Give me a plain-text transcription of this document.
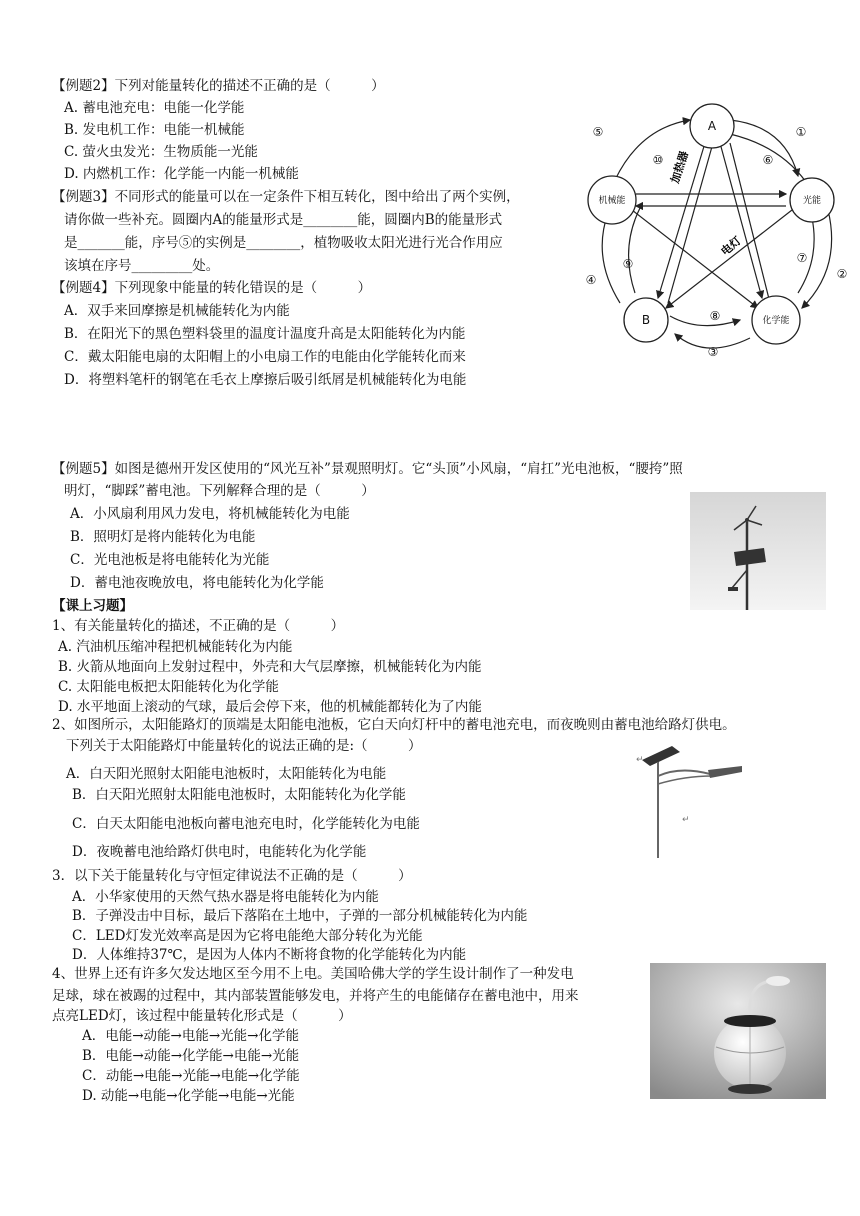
【例题2】下列对能量转化的描述不正确的是（　　　）
A. 蓄电池充电：电能一化学能
B. 发电机工作：电能一机械能
C. 萤火虫发光：生物质能一光能
D. 内燃机工作：化学能一内能一机械能
【例题3】不同形式的能量可以在一定条件下相互转化，图中给出了两个实例，
请你做一些补充。圆圈内A的能量形式是________能，圆圈内B的能量形式
是_______能，序号⑤的实例是________，植物吸收太阳光进行光合作用应
该填在序号_________处。
【例题4】下列现象中能量的转化错误的是（　　　）
A．双手来回摩擦是机械能转化为内能
B．在阳光下的黑色塑料袋里的温度计温度升高是太阳能转化为内能
C．戴太阳能电扇的太阳帽上的小电扇工作的电能由化学能转化而来
D．将塑料笔杆的钢笔在毛衣上摩擦后吸引纸屑是机械能转化为电能
A
机械能	光能
B	化学能
①
②
③
④
⑤
⑥
⑦
⑧
⑨
⑩ 加热器
电灯
【例题5】如图是德州开发区使用的“风光互补”景观照明灯。它“头顶”小风扇，“肩扛”光电池板，“腰挎”照
明灯，“脚踩”蓄电池。下列解释合理的是（　　　）
A．小风扇利用风力发电，将机械能转化为电能
B．照明灯是将内能转化为电能
C．光电池板是将电能转化为光能
D．蓄电池夜晚放电，将电能转化为化学能
【课上习题】
1、有关能量转化的描述，不正确的是（　　　）
A. 汽油机压缩冲程把机械能转化为内能
B. 火箭从地面向上发射过程中，外壳和大气层摩擦，机械能转化为内能
C. 太阳能电板把太阳能转化为化学能
D. 水平地面上滚动的气球，最后会停下来，他的机械能都转化为了内能
2、如图所示，太阳能路灯的顶端是太阳能电池板，它白天向灯杆中的蓄电池充电，而夜晚则由蓄电池给路灯供电。
下列关于太阳能路灯中能量转化的说法正确的是:（　　　）
A．白天阳光照射太阳能电池板时，太阳能转化为电能
B．白天阳光照射太阳能电池板时，太阳能转化为化学能
C．白天太阳能电池板向蓄电池充电时，化学能转化为电能
D．夜晚蓄电池给路灯供电时，电能转化为化学能
↵
↵
3．以下关于能量转化与守恒定律说法不正确的是（　　　）
A．小华家使用的天然气热水器是将电能转化为内能
B．子弹没击中目标，最后下落陷在土地中，子弹的一部分机械能转化为内能
C．LED灯发光效率高是因为它将电能绝大部分转化为光能
D．人体维持37℃，是因为人体内不断将食物的化学能转化为内能
4、世界上还有许多欠发达地区至今用不上电。美国哈佛大学的学生设计制作了一种发电
足球，球在被踢的过程中，其内部装置能够发电，并将产生的电能储存在蓄电池中，用来
点亮LED灯，该过程中能量转化形式是（　　　）
A．电能→动能→电能→光能→化学能
B．电能→动能→化学能→电能→光能
C．动能→电能→光能→电能→化学能
D. 动能→电能→化学能→电能→光能
